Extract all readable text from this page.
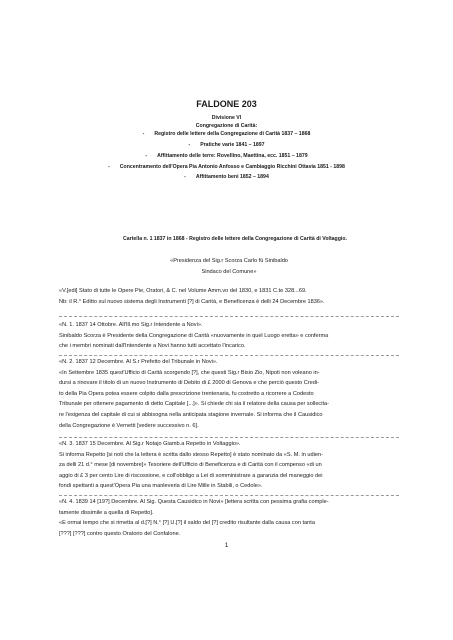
FALDONE 203
Divisione VI
Congregazione di Carità:
- Registro delle lettere della Congregazione di Carità 1837 – 1868
- Pratiche varie 1841 – 1897
- Affittamento delle terre: Rovellino, Maettina, ecc. 1851 – 1879
- Concentramento dell'Opera Pia Antonio Anfosso e Cambiaggio Ricchini Ottavia 1851 - 1898
- Affittamento beni 1852 – 1894
Cartella n. 1 1837 in 1868 - Registro delle lettere della Congregazione di Carità di Voltaggio.

«Presidenza del Sig.r Scorza Carlo fù Sinibaldo

Sindaco del Comune»

«V.[edi] Stato di tutte le Opere Pie, Oratori, & C. nel Volume Amm.vo del 1830, e 1831 C.te 328...69.

Nb: il R.° Editto sul nuovo sistema degli Instrumenti [?] di Carità, e Beneficenza è delli 24 Decembre 1836».

«N. 1. 1837 14 Ottobre. All'Ill.mo Sig.r Intendente a Novi».

Sinibaldo Scorza è Presidente della Congregazione di Carità «nuovamente in quel Luogo eretta» e conferma

che i membri nominati dall'Intendente a Novi hanno tutti accettato l'incarico.

«N. 2. 1837 12 Decembre. Al S.r Prefetto del Tribunale in Novi».

«In Settembre 1835 quest'Ufficio di Carità scorgendo [?], che questi Sig.r Bisio Zio, Nipoti non voleano in-

dursi a rinovare il titolo di un nuovo Instrumento di Debito di £ 2000 di Genova e che perciò questo Credi-

to della Pia Opera potea essere colpito dalla prescrizione trentenaria, fu costretto a ricorrere a Codesto

Tribunale per ottenere pagamento di detto Capitale [...]». Si chiede chi sia il relatore della causa per sollecita-

re l'esigenza del capitale di cui si abbisogna nella anticipata stagione invernale. Si informa che il Causidico

della Congregazione è Vernetti [vedere successivo n. 6].

«N. 3. 1837 15 Decembre. Al Sig.r Notajo Giamb.a Repetto in Voltaggio».

Si informa Repetto [si noti che la lettera è scritta dallo stesso Repetto] è stato nominato da «S. M. in udien-

za delli 21 d.° mese [di novembre]» Tesoriere dell'Ufficio di Beneficenza e di Carità con il compenso «di un

aggio di £ 3 per cento Lire di riscossione, e coll'obbligo a Lei di somministrare a garanzia del maneggio dei

fondi spettanti a quest'Opera Pia una manleveria di Lire Mille in Stabili, o Cedole».

«N. 4. 1839 14 [19?] Decembre. Al Sig. Questa Causidico in Novi» [lettera scritta con pessima grafia comple-

tamente dissimile a quella di Repetto].

«E ormai tempo che si rimetta al d.[?] N.° [?] U.[?] il saldo del [?] credito risultante dalla causa con tanta

[???] [???] contro questo Oratorio del Confalone.

1
